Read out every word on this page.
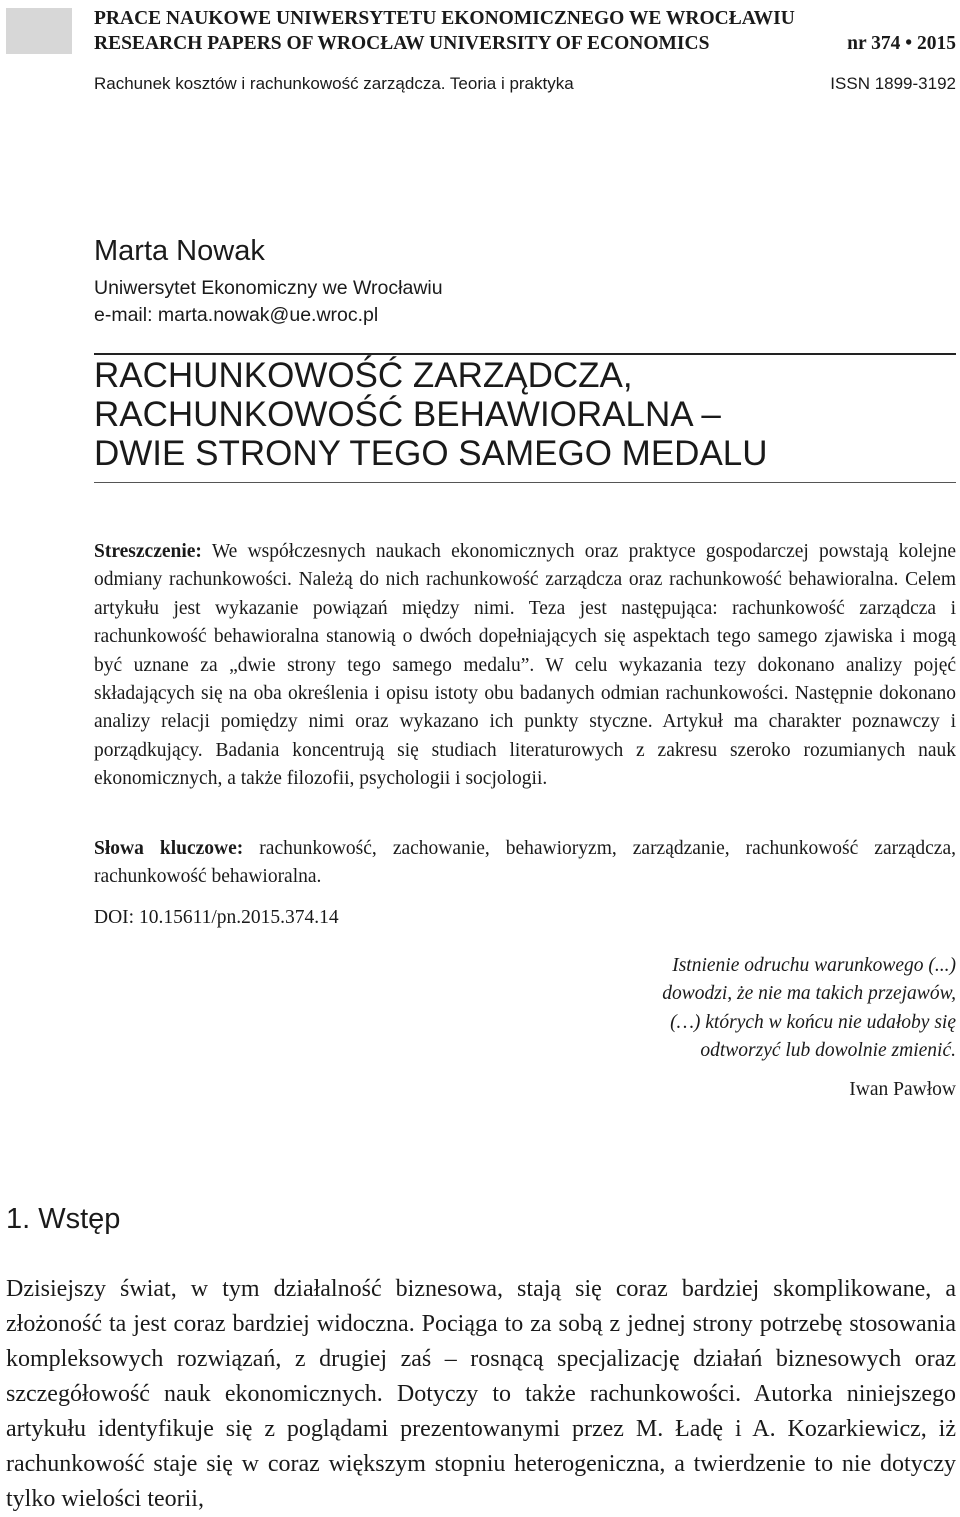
PRACE NAUKOWE UNIWERSYTETU EKONOMICZNEGO WE WROCŁAWIU
RESEARCH PAPERS OF WROCŁAW UNIVERSITY OF ECONOMICS	nr 374 • 2015
Rachunek kosztów i rachunkowość zarządcza. Teoria i praktyka	ISSN 1899-3192
Marta Nowak
Uniwersytet Ekonomiczny we Wrocławiu
e-mail: marta.nowak@ue.wroc.pl
RACHUNKOWOŚĆ ZARZĄDCZA,
RACHUNKOWOŚĆ BEHAWIORALNA –
DWIE STRONY TEGO SAMEGO MEDALU
Streszczenie: We współczesnych naukach ekonomicznych oraz praktyce gospodarczej powstają kolejne odmiany rachunkowości. Należą do nich rachunkowość zarządcza oraz rachunkowość behawioralna. Celem artykułu jest wykazanie powiązań między nimi. Teza jest następująca: rachunkowość zarządcza i rachunkowość behawioralna stanowią o dwóch dopełniających się aspektach tego samego zjawiska i mogą być uznane za „dwie strony tego samego medalu”. W celu wykazania tezy dokonano analizy pojęć składających się na oba określenia i opisu istoty obu badanych odmian rachunkowości. Następnie dokonano analizy relacji pomiędzy nimi oraz wykazano ich punkty styczne. Artykuł ma charakter poznawczy i porządkujący. Badania koncentrują się studiach literaturowych z zakresu szeroko rozumianych nauk ekonomicznych, a także filozofii, psychologii i socjologii.
Słowa kluczowe: rachunkowość, zachowanie, behawioryzm, zarządzanie, rachunkowość zarządcza, rachunkowość behawioralna.
DOI: 10.15611/pn.2015.374.14
Istnienie odruchu warunkowego (...)
dowodzi, że nie ma takich przejawów,
(…) których w końcu nie udałoby się
odtworzyć lub dowolnie zmienić.
Iwan Pawłow
1. Wstęp
Dzisiejszy świat, w tym działalność biznesowa, stają się coraz bardziej skomplikowane, a złożoność ta jest coraz bardziej widoczna. Pociąga to za sobą z jednej strony potrzebę stosowania kompleksowych rozwiązań, z drugiej zaś – rosnącą specjalizację działań biznesowych oraz szczegółowość nauk ekonomicznych. Dotyczy to także rachunkowości. Autorka niniejszego artykułu identyfikuje się z poglądami prezentowanymi przez M. Ładę i A. Kozarkiewicz, iż rachunkowość staje się w coraz większym stopniu heterogeniczna, a twierdzenie to nie dotyczy tylko wielości teorii,
